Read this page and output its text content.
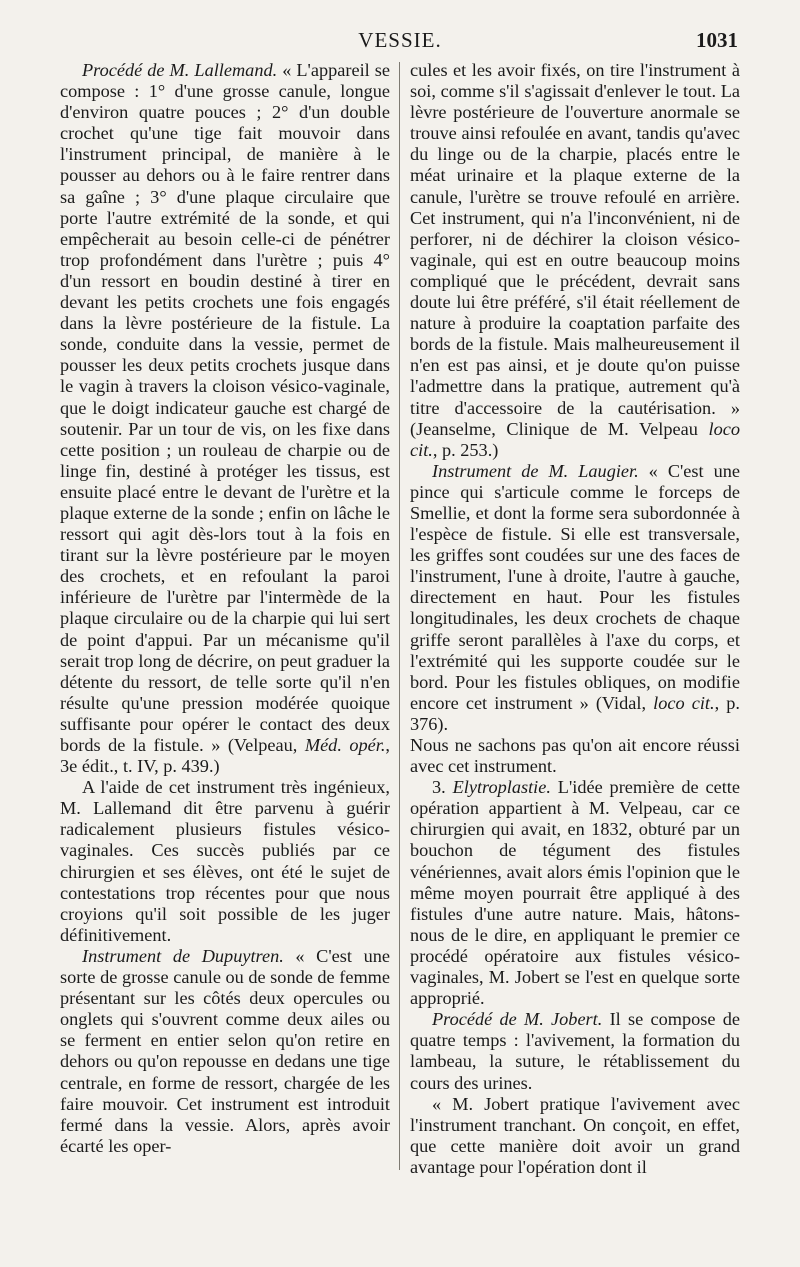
VESSIE.	1031

Procédé de M. Lallemand. « L'appareil se compose : 1° d'une grosse canule, longue d'environ quatre pouces ; 2° d'un double crochet qu'une tige fait mouvoir dans l'instrument principal, de manière à le pousser au dehors ou à le faire rentrer dans sa gaîne ; 3° d'une plaque circulaire que porte l'autre extrémité de la sonde, et qui empêcherait au besoin celle-ci de pénétrer trop profondément dans l'urètre ; puis 4° d'un ressort en boudin destiné à tirer en devant les petits crochets une fois engagés dans la lèvre postérieure de la fistule. La sonde, conduite dans la vessie, permet de pousser les deux petits crochets jusque dans le vagin à travers la cloison vésico-vaginale, que le doigt indicateur gauche est chargé de soutenir. Par un tour de vis, on les fixe dans cette position ; un rouleau de charpie ou de linge fin, destiné à protéger les tissus, est ensuite placé entre le devant de l'urètre et la plaque externe de la sonde ; enfin on lâche le ressort qui agit dès-lors tout à la fois en tirant sur la lèvre postérieure par le moyen des crochets, et en refoulant la paroi inférieure de l'urètre par l'intermède de la plaque circulaire ou de la charpie qui lui sert de point d'appui. Par un mécanisme qu'il serait trop long de décrire, on peut graduer la détente du ressort, de telle sorte qu'il n'en résulte qu'une pression modérée quoique suffisante pour opérer le contact des deux bords de la fistule. » (Velpeau, Méd. opér., 3e édit., t. IV, p. 439.)

A l'aide de cet instrument très ingénieux, M. Lallemand dit être parvenu à guérir radicalement plusieurs fistules vésico-vaginales. Ces succès publiés par ce chirurgien et ses élèves, ont été le sujet de contestations trop récentes pour que nous croyions qu'il soit possible de les juger définitivement.

Instrument de Dupuytren. « C'est une sorte de grosse canule ou de sonde de femme présentant sur les côtés deux opercules ou onglets qui s'ouvrent comme deux ailes ou se ferment en entier selon qu'on retire en dehors ou qu'on repousse en dedans une tige centrale, en forme de ressort, chargée de les faire mouvoir. Cet instrument est introduit fermé dans la vessie. Alors, après avoir écarté les oper-

cules et les avoir fixés, on tire l'instrument à soi, comme s'il s'agissait d'enlever le tout. La lèvre postérieure de l'ouverture anormale se trouve ainsi refoulée en avant, tandis qu'avec du linge ou de la charpie, placés entre le méat urinaire et la plaque externe de la canule, l'urètre se trouve refoulé en arrière. Cet instrument, qui n'a l'inconvénient, ni de perforer, ni de déchirer la cloison vésico-vaginale, qui est en outre beaucoup moins compliqué que le précédent, devrait sans doute lui être préféré, s'il était réellement de nature à produire la coaptation parfaite des bords de la fistule. Mais malheureusement il n'en est pas ainsi, et je doute qu'on puisse l'admettre dans la pratique, autrement qu'à titre d'accessoire de la cautérisation. » (Jeanselme, Clinique de M. Velpeau loco cit., p. 253.)

Instrument de M. Laugier. « C'est une pince qui s'articule comme le forceps de Smellie, et dont la forme sera subordonnée à l'espèce de fistule. Si elle est transversale, les griffes sont coudées sur une des faces de l'instrument, l'une à droite, l'autre à gauche, directement en haut. Pour les fistules longitudinales, les deux crochets de chaque griffe seront parallèles à l'axe du corps, et l'extrémité qui les supporte coudée sur le bord. Pour les fistules obliques, on modifie encore cet instrument » (Vidal, loco cit., p. 376).

Nous ne sachons pas qu'on ait encore réussi avec cet instrument.

3. Elytroplastie. L'idée première de cette opération appartient à M. Velpeau, car ce chirurgien qui avait, en 1832, obturé par un bouchon de tégument des fistules vénériennes, avait alors émis l'opinion que le même moyen pourrait être appliqué à des fistules d'une autre nature. Mais, hâtons-nous de le dire, en appliquant le premier ce procédé opératoire aux fistules vésico-vaginales, M. Jobert se l'est en quelque sorte approprié.

Procédé de M. Jobert. Il se compose de quatre temps : l'avivement, la formation du lambeau, la suture, le rétablissement du cours des urines.

« M. Jobert pratique l'avivement avec l'instrument tranchant. On conçoit, en effet, que cette manière doit avoir un grand avantage pour l'opération dont il
